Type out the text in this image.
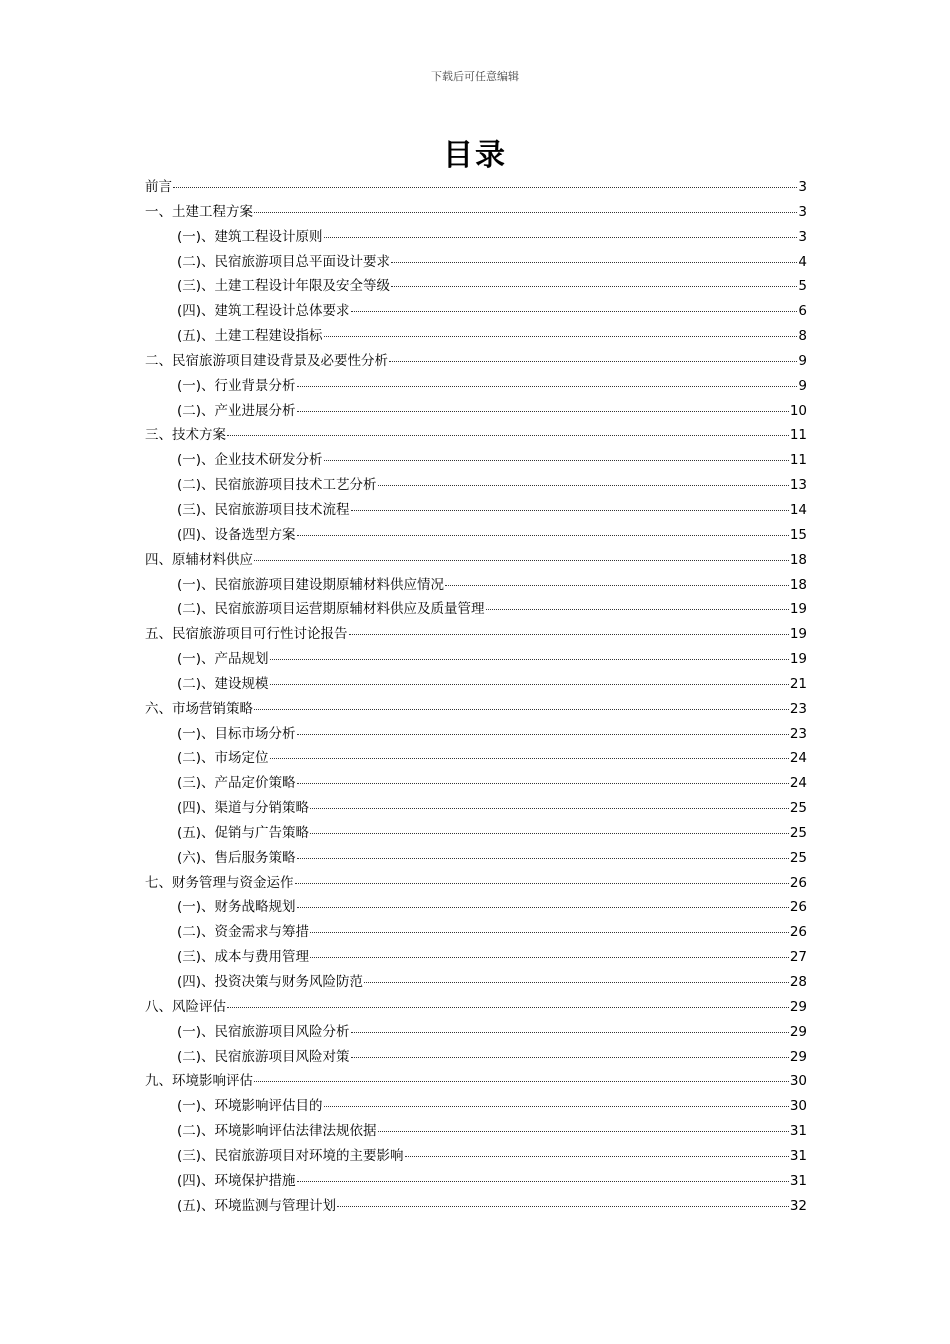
下载后可任意编辑
目录
前言	3
一、土建工程方案	3
(一)、建筑工程设计原则	3
(二)、民宿旅游项目总平面设计要求	4
(三)、土建工程设计年限及安全等级	5
(四)、建筑工程设计总体要求	6
(五)、土建工程建设指标	8
二、民宿旅游项目建设背景及必要性分析	9
(一)、行业背景分析	9
(二)、产业进展分析	10
三、技术方案	11
(一)、企业技术研发分析	11
(二)、民宿旅游项目技术工艺分析	13
(三)、民宿旅游项目技术流程	14
(四)、设备选型方案	15
四、原辅材料供应	18
(一)、民宿旅游项目建设期原辅材料供应情况	18
(二)、民宿旅游项目运营期原辅材料供应及质量管理	19
五、民宿旅游项目可行性讨论报告	19
(一)、产品规划	19
(二)、建设规模	21
六、市场营销策略	23
(一)、目标市场分析	23
(二)、市场定位	24
(三)、产品定价策略	24
(四)、渠道与分销策略	25
(五)、促销与广告策略	25
(六)、售后服务策略	25
七、财务管理与资金运作	26
(一)、财务战略规划	26
(二)、资金需求与筹措	26
(三)、成本与费用管理	27
(四)、投资决策与财务风险防范	28
八、风险评估	29
(一)、民宿旅游项目风险分析	29
(二)、民宿旅游项目风险对策	29
九、环境影响评估	30
(一)、环境影响评估目的	30
(二)、环境影响评估法律法规依据	31
(三)、民宿旅游项目对环境的主要影响	31
(四)、环境保护措施	31
(五)、环境监测与管理计划	32
